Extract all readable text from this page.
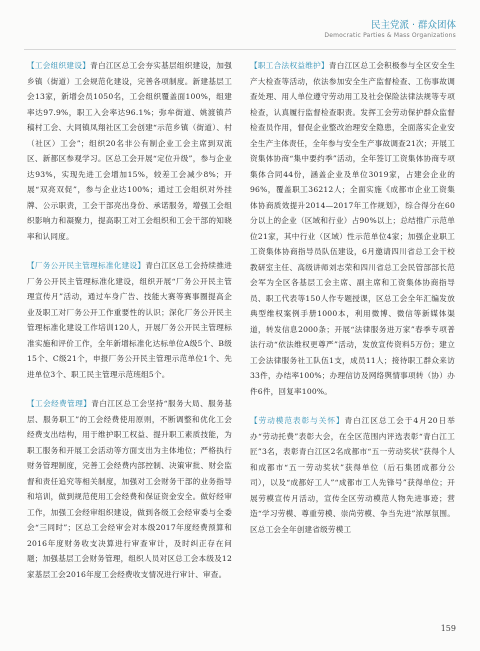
民主党派 · 群众团体
Democratic Parties & Mass Organizations

【工会组织建设】青白江区总工会夯实基层组织建设，加强乡镇（街道）工会规范化建设，完善各项制度。新建基层工会13家，新增会员1050名，工会组织覆盖面100%，组建率达97.9%，职工入会率达96.1%；弥牟街道、姚渡镇芦稿村工会、大同镇凤翔社区工会创建“示范乡镇（街道）、村（社区）工会”；组织20名非公有制企业工会主席到双流区、新都区参观学习。区总工会开展“定位升级”，参与企业达93%，实现先进工会增加15%，较差工会减少8%；开展“双亮双促”，参与企业达100%；通过工会组织对外挂牌、公示职责，工会干部亮出身份、承诺服务，增强工会组织影响力和凝聚力，提高职工对工会组织和工会干部的知晓率和认同度。

【厂务公开民主管理标准化建设】青白江区总工会持续推进厂务公开民主管理标准化建设，组织开展“厂务公开民主管理宣传月”活动，通过车身广告、技能大赛等赛事圈提高企业及职工对厂务公开工作重要性的认识；深化厂务公开民主管理标准化建设工作培训120人，开展厂务公开民主管理标准实施和评价工作，全年新增标准化达标单位A级5个、B级15个、C级21个，申报厂务公开民主管理示范单位1个、先进单位3个、职工民主管理示范班组5个。

【工会经费管理】青白江区总工会坚持“服务大局、服务基层、服务职工”的工会经费使用原则，不断调整和优化工会经费支出结构，用于维护职工权益、提升职工素质技能，为职工服务和开展工会活动等方面支出为主体地位；严格执行财务管理制度，完善工会经费内部控制、决策审批、财会监督和责任追究等相关制度，加强对工会财务干部的业务指导和培训，做到规范使用工会经费和保证资金安全。做好经审工作，加强工会经审组织建设，做到各级工会经审委与全委会“三同时”；区总工会经审会对本级2017年度经费预算和2016年度财务收支决算进行审查审计，及时纠正存在问题；加强基层工会财务管理，组织人员对区总工会本级及12家基层工会2016年度工会经费收支情况进行审计、审查。

【职工合法权益维护】青白江区总工会积极参与全区安全生产大检查等活动，依法参加安全生产监督检查、工伤事故调查处理、用人单位遵守劳动用工及社会保险法律法规等专项检查，认真履行监督检查职责。发挥工会劳动保护群众监督检查员作用，督促企业整改治理安全隐患，全面落实企业安全生产主体责任，全年参与安全生产事故调查21次；开展工资集体协商“集中要约季”活动，全年签订工资集体协商专项集体合同44份，涵盖企业及单位3019家，占建会企业的96%，覆盖职工36212人；全面实施《成都市企业工资集体协商质效提升2014—2017年工作规划》，综合得分在60分以上的企业（区域和行业）占90%以上；总结推广示范单位21家，其中行业（区域）性示范单位4家；加强企业职工工资集体协商指导员队伍建设，6月邀请四川省总工会干校教研室主任、高级讲师刘志荣和四川省总工会民管部部长范会军为全区各基层工会主席、副主席和工资集体协商指导员、职工代表等150人作专题授课，区总工会全年汇编发放典型维权案例手册1000本，利用微博、微信等新媒体渠道，转发信息2000条；开展“法律服务进万家”春季专项普法行动“依法维权更尊严”活动，发放宣传资料5万份；建立工会法律服务社工队伍1支，成员11人；接待职工群众来访33件，办结率100%；办理信访及网络舆情事项转（协）办件6件，回复率100%。

【劳动模范表彰与关怀】青白江区总工会于4月20日举办“劳动托费”表彰大会，在全区范围内评选表彰“青白江工匠”3名，表彰青白江区2名成都市“五一劳动奖状”获得个人和成都市“五一劳动奖状”获得单位（后石集团成都分公司），以及“成都好工人”“成都市工人先锋号”获得单位；开展劳模宣传月活动，宣传全区劳动模范人物先进事迹；营造“学习劳模、尊重劳模、崇尚劳模、争当先进”浓厚氛围。区总工会全年创建省级劳模工

159
